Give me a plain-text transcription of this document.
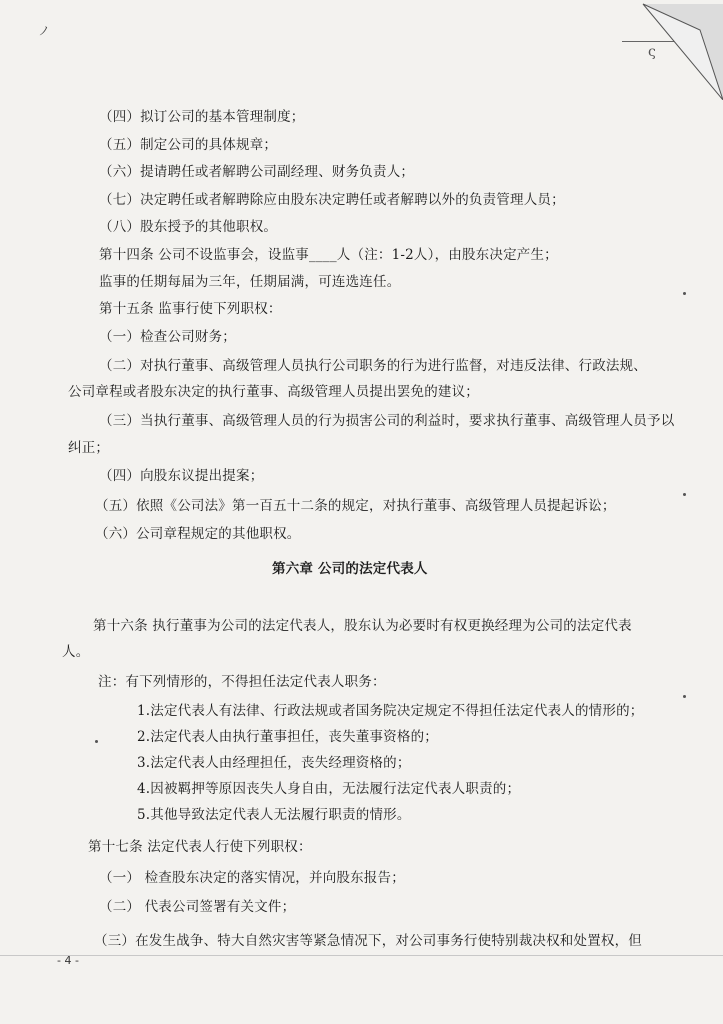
ノ
ς
（四）拟订公司的基本管理制度；
（五）制定公司的具体规章；
（六）提请聘任或者解聘公司副经理、财务负责人；
（七）决定聘任或者解聘除应由股东决定聘任或者解聘以外的负责管理人员；
（八）股东授予的其他职权。
第十四条 公司不设监事会，设监事____人（注：1-2人），由股东决定产生；
监事的任期每届为三年，任期届满，可连选连任。
第十五条 监事行使下列职权：
（一）检查公司财务；
（二）对执行董事、高级管理人员执行公司职务的行为进行监督，对违反法律、行政法规、
公司章程或者股东决定的执行董事、高级管理人员提出罢免的建议；
（三）当执行董事、高级管理人员的行为损害公司的利益时，要求执行董事、高级管理人员予以
纠正；
（四）向股东议提出提案；
（五）依照《公司法》第一百五十二条的规定，对执行董事、高级管理人员提起诉讼；
（六）公司章程规定的其他职权。
第六章 公司的法定代表人
第十六条 执行董事为公司的法定代表人，股东认为必要时有权更换经理为公司的法定代表
人。
注：有下列情形的，不得担任法定代表人职务：
1.法定代表人有法律、行政法规或者国务院决定规定不得担任法定代表人的情形的；
2.法定代表人由执行董事担任，丧失董事资格的；
3.法定代表人由经理担任，丧失经理资格的；
4.因被羁押等原因丧失人身自由，无法履行法定代表人职责的；
5.其他导致法定代表人无法履行职责的情形。
第十七条 法定代表人行使下列职权：
（一） 检查股东决定的落实情况，并向股东报告；
（二） 代表公司签署有关文件；
（三）在发生战争、特大自然灾害等紧急情况下，对公司事务行使特别裁决权和处置权，但
- 4 -
